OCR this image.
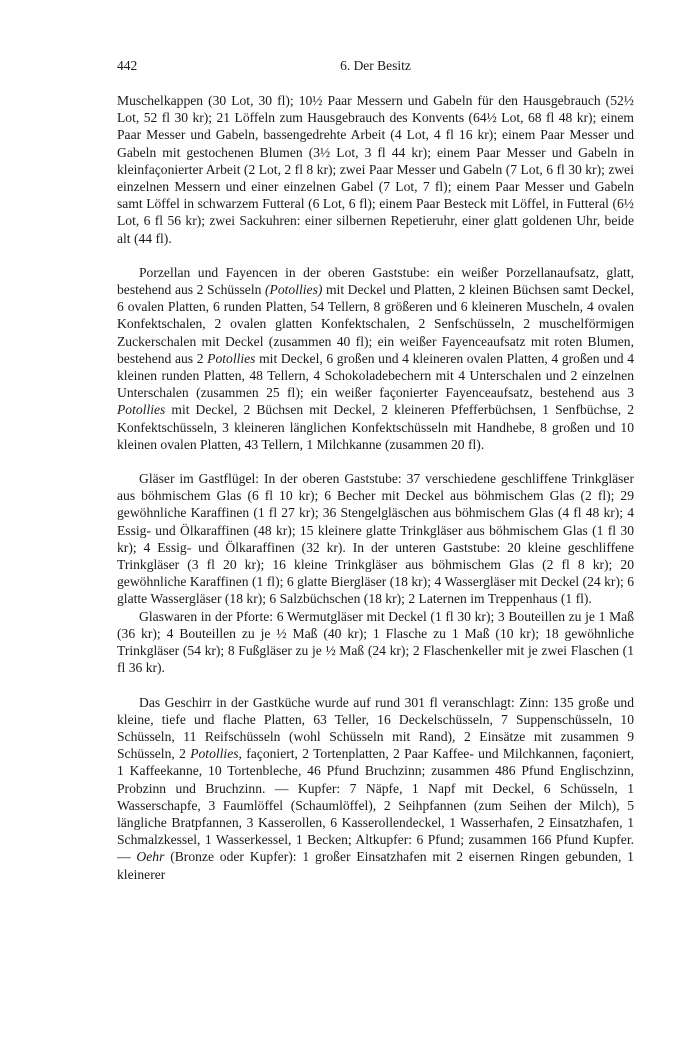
442	6. Der Besitz

Muschelkappen (30 Lot, 30 fl); 10½ Paar Messern und Gabeln für den Hausgebrauch (52½ Lot, 52 fl 30 kr); 21 Löffeln zum Hausgebrauch des Konvents (64½ Lot, 68 fl 48 kr); einem Paar Messer und Gabeln, bassengedrehte Arbeit (4 Lot, 4 fl 16 kr); einem Paar Messer und Gabeln mit gestochenen Blumen (3½ Lot, 3 fl 44 kr); einem Paar Messer und Gabeln in kleinfaçonierter Arbeit (2 Lot, 2 fl 8 kr); zwei Paar Messer und Gabeln (7 Lot, 6 fl 30 kr); zwei einzelnen Messern und einer einzelnen Gabel (7 Lot, 7 fl); einem Paar Messer und Gabeln samt Löffel in schwarzem Futteral (6 Lot, 6 fl); einem Paar Besteck mit Löffel, in Futteral (6½ Lot, 6 fl 56 kr); zwei Sackuhren: einer silbernen Repetieruhr, einer glatt goldenen Uhr, beide alt (44 fl).

Porzellan und Fayencen in der oberen Gaststube: ein weißer Porzellanaufsatz, glatt, bestehend aus 2 Schüsseln (Potollies) mit Deckel und Platten, 2 kleinen Büchsen samt Deckel, 6 ovalen Platten, 6 runden Platten, 54 Tellern, 8 größeren und 6 kleineren Muscheln, 4 ovalen Konfektschalen, 2 ovalen glatten Konfektschalen, 2 Senfschüsseln, 2 muschelförmigen Zuckerschalen mit Deckel (zusammen 40 fl); ein weißer Fayenceaufsatz mit roten Blumen, bestehend aus 2 Potollies mit Deckel, 6 großen und 4 kleineren ovalen Platten, 4 großen und 4 kleinen runden Platten, 48 Tellern, 4 Schokoladebechern mit 4 Unterschalen und 2 einzelnen Unterschalen (zusammen 25 fl); ein weißer façonierter Fayenceaufsatz, bestehend aus 3 Potollies mit Deckel, 2 Büchsen mit Deckel, 2 kleineren Pfefferbüchsen, 1 Senfbüchse, 2 Konfektschüsseln, 3 kleineren länglichen Konfektschüsseln mit Handhebe, 8 großen und 10 kleinen ovalen Platten, 43 Tellern, 1 Milchkanne (zusammen 20 fl).

Gläser im Gastflügel: In der oberen Gaststube: 37 verschiedene geschliffene Trinkgläser aus böhmischem Glas (6 fl 10 kr); 6 Becher mit Deckel aus böhmischem Glas (2 fl); 29 gewöhnliche Karaffinen (1 fl 27 kr); 36 Stengelgläschen aus böhmischem Glas (4 fl 48 kr); 4 Essig- und Ölkaraffinen (48 kr); 15 kleinere glatte Trinkgläser aus böhmischem Glas (1 fl 30 kr); 4 Essig- und Ölkaraffinen (32 kr). In der unteren Gaststube: 20 kleine geschliffene Trinkgläser (3 fl 20 kr); 16 kleine Trinkgläser aus böhmischem Glas (2 fl 8 kr); 20 gewöhnliche Karaffinen (1 fl); 6 glatte Biergläser (18 kr); 4 Wassergläser mit Deckel (24 kr); 6 glatte Wassergläser (18 kr); 6 Salzbüchschen (18 kr); 2 Laternen im Treppenhaus (1 fl).

Glaswaren in der Pforte: 6 Wermutgläser mit Deckel (1 fl 30 kr); 3 Bouteillen zu je 1 Maß (36 kr); 4 Bouteillen zu je ½ Maß (40 kr); 1 Flasche zu 1 Maß (10 kr); 18 gewöhnliche Trinkgläser (54 kr); 8 Fußgläser zu je ½ Maß (24 kr); 2 Flaschenkeller mit je zwei Flaschen (1 fl 36 kr).

Das Geschirr in der Gastküche wurde auf rund 301 fl veranschlagt: Zinn: 135 große und kleine, tiefe und flache Platten, 63 Teller, 16 Deckelschüsseln, 7 Suppenschüsseln, 10 Schüsseln, 11 Reifschüsseln (wohl Schüsseln mit Rand), 2 Einsätze mit zusammen 9 Schüsseln, 2 Potollies, façoniert, 2 Tortenplatten, 2 Paar Kaffee- und Milchkannen, façoniert, 1 Kaffeekanne, 10 Tortenbleche, 46 Pfund Bruchzinn; zusammen 486 Pfund Englischzinn, Probzinn und Bruchzinn. — Kupfer: 7 Näpfe, 1 Napf mit Deckel, 6 Schüsseln, 1 Wasserschapfe, 3 Faumlöffel (Schaumlöffel), 2 Seihpfannen (zum Seihen der Milch), 5 längliche Bratpfannen, 3 Kasserollen, 6 Kasserollendeckel, 1 Wasserhafen, 2 Einsatzhafen, 1 Schmalzkessel, 1 Wasserkessel, 1 Becken; Altkupfer: 6 Pfund; zusammen 166 Pfund Kupfer. — Oehr (Bronze oder Kupfer): 1 großer Einsatzhafen mit 2 eisernen Ringen gebunden, 1 kleinerer
